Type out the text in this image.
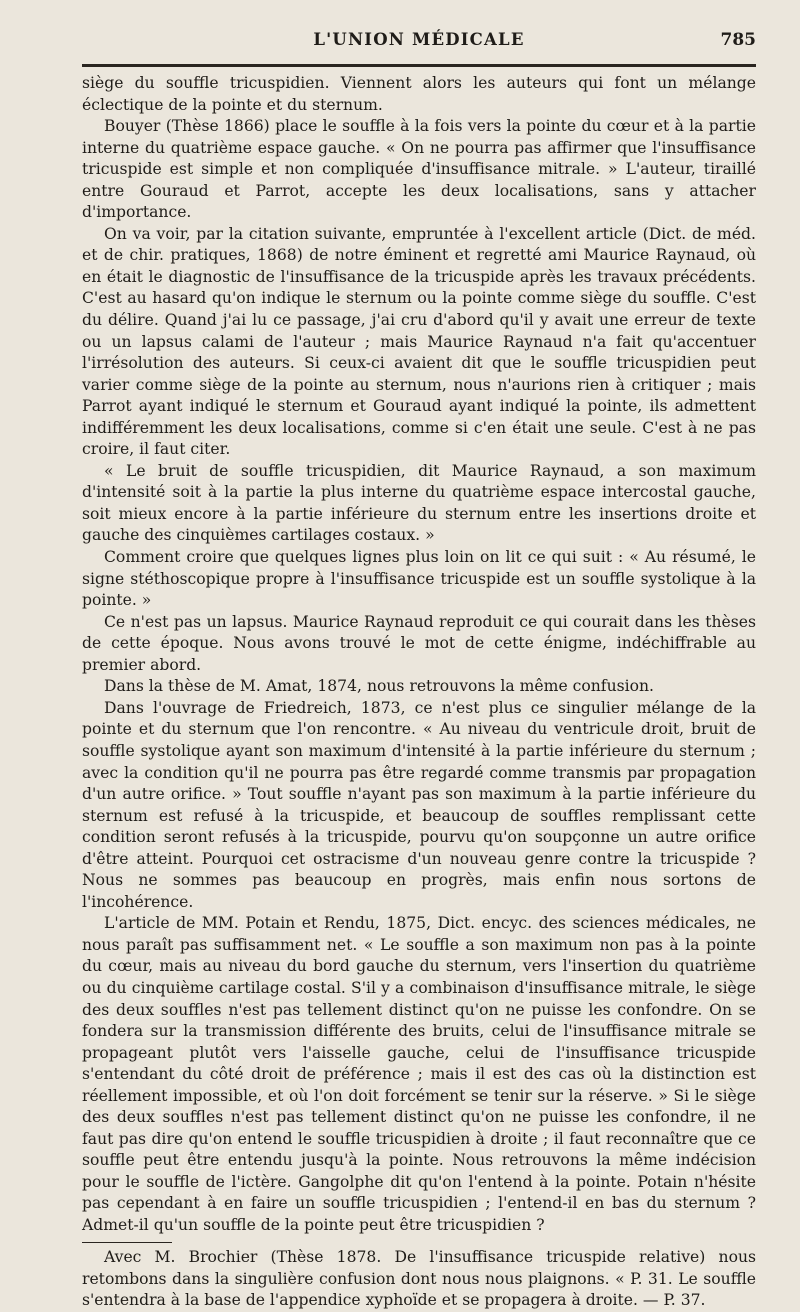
L'UNION MÉDICALE	785

siège du souffle tricuspidien. Viennent alors les auteurs qui font un mélange éclectique de la pointe et du sternum.

Bouyer (Thèse 1866) place le souffle à la fois vers la pointe du cœur et à la partie interne du quatrième espace gauche. « On ne pourra pas affirmer que l'insuffisance tricuspide est simple et non compliquée d'insuffisance mitrale. » L'auteur, tiraillé entre Gouraud et Parrot, accepte les deux localisations, sans y attacher d'importance.

On va voir, par la citation suivante, empruntée à l'excellent article (Dict. de méd. et de chir. pratiques, 1868) de notre éminent et regretté ami Maurice Raynaud, où en était le diagnostic de l'insuffisance de la tricuspide après les travaux précédents. C'est au hasard qu'on indique le sternum ou la pointe comme siège du souffle. C'est du délire. Quand j'ai lu ce passage, j'ai cru d'abord qu'il y avait une erreur de texte ou un lapsus calami de l'auteur ; mais Maurice Raynaud n'a fait qu'accentuer l'irrésolution des auteurs. Si ceux-ci avaient dit que le souffle tricuspidien peut varier comme siège de la pointe au sternum, nous n'aurions rien à critiquer ; mais Parrot ayant indiqué le sternum et Gouraud ayant indiqué la pointe, ils admettent indifféremment les deux localisations, comme si c'en était une seule. C'est à ne pas croire, il faut citer.

« Le bruit de souffle tricuspidien, dit Maurice Raynaud, a son maximum d'intensité soit à la partie la plus interne du quatrième espace intercostal gauche, soit mieux encore à la partie inférieure du sternum entre les insertions droite et gauche des cinquièmes cartilages costaux. »

Comment croire que quelques lignes plus loin on lit ce qui suit : « Au résumé, le signe stéthoscopique propre à l'insuffisance tricuspide est un souffle systolique à la pointe. »

Ce n'est pas un lapsus. Maurice Raynaud reproduit ce qui courait dans les thèses de cette époque. Nous avons trouvé le mot de cette énigme, indéchiffrable au premier abord.

Dans la thèse de M. Amat, 1874, nous retrouvons la même confusion.

Dans l'ouvrage de Friedreich, 1873, ce n'est plus ce singulier mélange de la pointe et du sternum que l'on rencontre. « Au niveau du ventricule droit, bruit de souffle systolique ayant son maximum d'intensité à la partie inférieure du sternum ; avec la condition qu'il ne pourra pas être regardé comme transmis par propagation d'un autre orifice. » Tout souffle n'ayant pas son maximum à la partie inférieure du sternum est refusé à la tricuspide, et beaucoup de souffles remplissant cette condition seront refusés à la tricuspide, pourvu qu'on soupçonne un autre orifice d'être atteint. Pourquoi cet ostracisme d'un nouveau genre contre la tricuspide ? Nous ne sommes pas beaucoup en progrès, mais enfin nous sortons de l'incohérence.

L'article de MM. Potain et Rendu, 1875, Dict. encyc. des sciences médicales, ne nous paraît pas suffisamment net. « Le souffle a son maximum non pas à la pointe du cœur, mais au niveau du bord gauche du sternum, vers l'insertion du quatrième ou du cinquième cartilage costal. S'il y a combinaison d'insuffisance mitrale, le siège des deux souffles n'est pas tellement distinct qu'on ne puisse les confondre. On se fondera sur la transmission différente des bruits, celui de l'insuffisance mitrale se propageant plutôt vers l'aisselle gauche, celui de l'insuffisance tricuspide s'entendant du côté droit de préférence ; mais il est des cas où la distinction est réellement impossible, et où l'on doit forcément se tenir sur la réserve. » Si le siège des deux souffles n'est pas tellement distinct qu'on ne puisse les confondre, il ne faut pas dire qu'on entend le souffle tricuspidien à droite ; il faut reconnaître que ce souffle peut être entendu jusqu'à la pointe. Nous retrouvons la même indécision pour le souffle de l'ictère. Gangolphe dit qu'on l'entend à la pointe. Potain n'hésite pas cependant à en faire un souffle tricuspidien ; l'entend-il en bas du sternum ? Admet-il qu'un souffle de la pointe peut être tricuspidien ?

Avec M. Brochier (Thèse 1878. De l'insuffisance tricuspide relative) nous retombons dans la singulière confusion dont nous nous plaignons. « P. 31. Le souffle s'entendra à la base de l'appendice xyphoïde et se propagera à droite. — P. 37.
